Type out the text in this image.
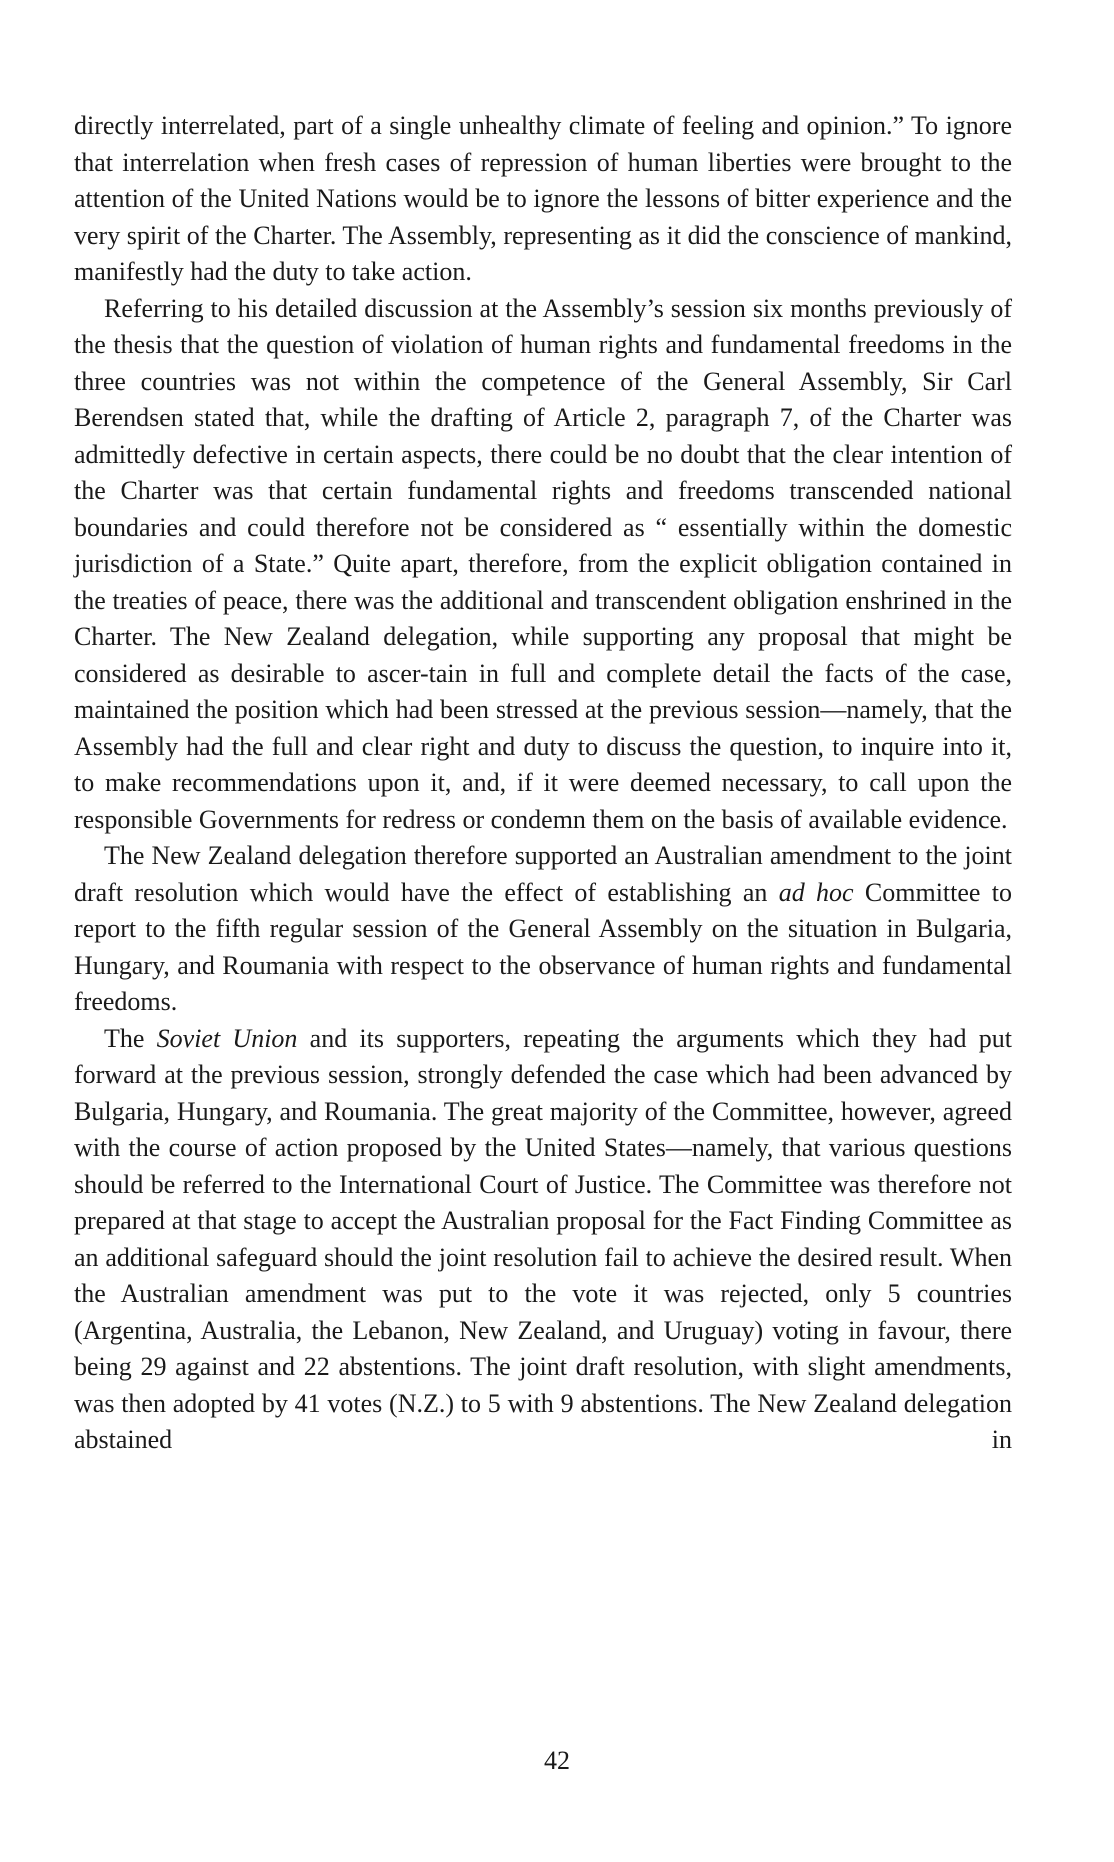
directly interrelated, part of a single unhealthy climate of feeling and opinion.” To ignore that interrelation when fresh cases of repression of human liberties were brought to the attention of the United Nations would be to ignore the lessons of bitter experience and the very spirit of the Charter. The Assembly, representing as it did the conscience of mankind, manifestly had the duty to take action.

Referring to his detailed discussion at the Assembly’s session six months previously of the thesis that the question of violation of human rights and fundamental freedoms in the three countries was not within the competence of the General Assembly, Sir Carl Berendsen stated that, while the drafting of Article 2, paragraph 7, of the Charter was admittedly defective in certain aspects, there could be no doubt that the clear intention of the Charter was that certain fundamental rights and freedoms transcended national boundaries and could therefore not be considered as “ essentially within the domestic jurisdiction of a State.” Quite apart, therefore, from the explicit obligation contained in the treaties of peace, there was the additional and transcendent obligation enshrined in the Charter. The New Zealand delegation, while supporting any proposal that might be considered as desirable to ascer-tain in full and complete detail the facts of the case, maintained the position which had been stressed at the previous session—namely, that the Assembly had the full and clear right and duty to discuss the question, to inquire into it, to make recommendations upon it, and, if it were deemed necessary, to call upon the responsible Governments for redress or condemn them on the basis of available evidence.

The New Zealand delegation therefore supported an Australian amendment to the joint draft resolution which would have the effect of establishing an ad hoc Committee to report to the fifth regular session of the General Assembly on the situation in Bulgaria, Hungary, and Roumania with respect to the observance of human rights and fundamental freedoms.

The Soviet Union and its supporters, repeating the arguments which they had put forward at the previous session, strongly defended the case which had been advanced by Bulgaria, Hungary, and Roumania. The great majority of the Committee, however, agreed with the course of action proposed by the United States—namely, that various questions should be referred to the International Court of Justice. The Committee was therefore not prepared at that stage to accept the Australian proposal for the Fact Finding Committee as an additional safeguard should the joint resolution fail to achieve the desired result. When the Australian amendment was put to the vote it was rejected, only 5 countries (Argentina, Australia, the Lebanon, New Zealand, and Uruguay) voting in favour, there being 29 against and 22 abstentions. The joint draft resolution, with slight amendments, was then adopted by 41 votes (N.Z.) to 5 with 9 abstentions. The New Zealand delegation abstained in

42
